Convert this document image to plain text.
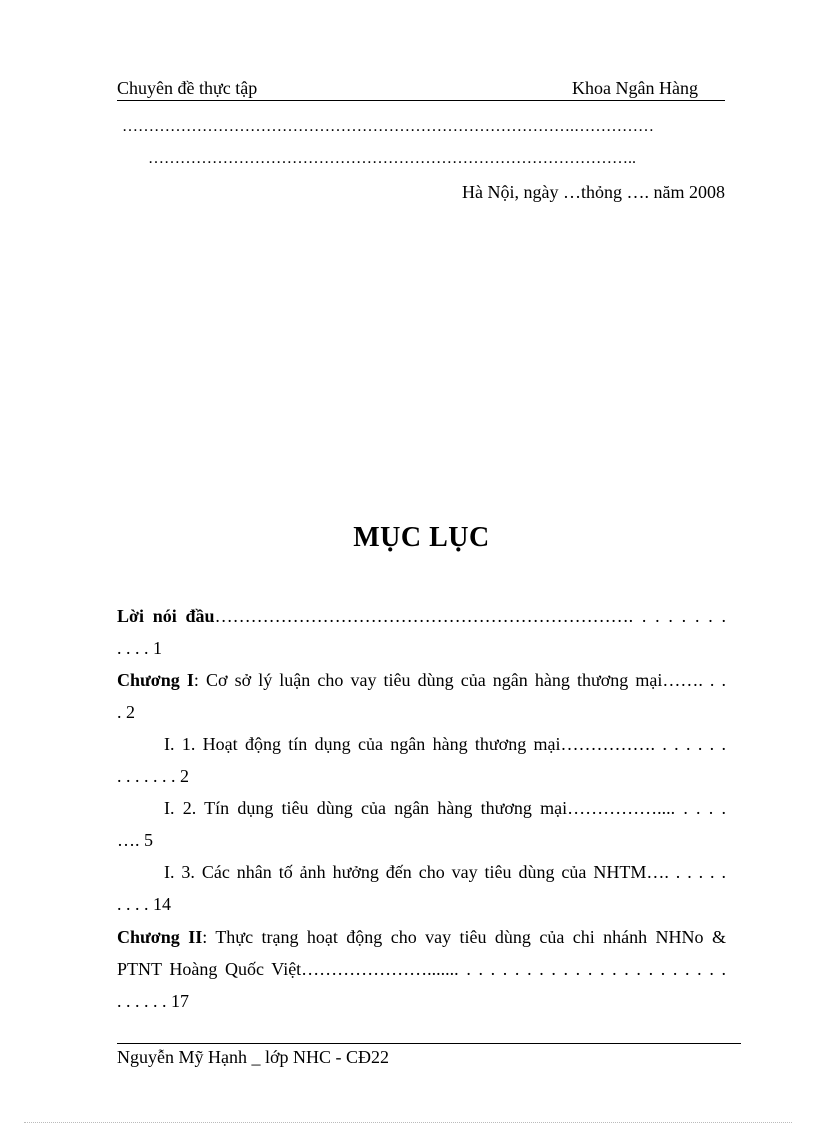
Chuyên đề thực tập	Khoa Ngân Hàng
………………………………………………………………………….……………
………………………………………………………………………………..
Hà Nội, ngày …thỏng …. năm 2008
MỤC LỤC
Lời nói đầu……………………………………………………………. . . . . . . .
. . . . 1
Chương I: Cơ sở lý luận cho vay tiêu dùng của ngân hàng thương mại……. . .
. 2
I. 1. Hoạt động tín dụng của ngân hàng thương mại……………. . . . . . .
. . . . . . . 2
I. 2. Tín dụng tiêu dùng của ngân hàng thương mại…………….... . . . .
…. 5
I. 3. Các nhân tố ảnh hưởng đến cho vay tiêu dùng của NHTM…. . . . . .
. . . . 14
Chương II: Thực trạng hoạt động cho vay tiêu dùng của chi nhánh NHNo &
PTNT Hoàng Quốc Việt…………………....... . . . . . . . . . . . . . . . . . . . . . .
. . . . . . 17
Nguyễn Mỹ Hạnh _ lớp NHC - CĐ22
